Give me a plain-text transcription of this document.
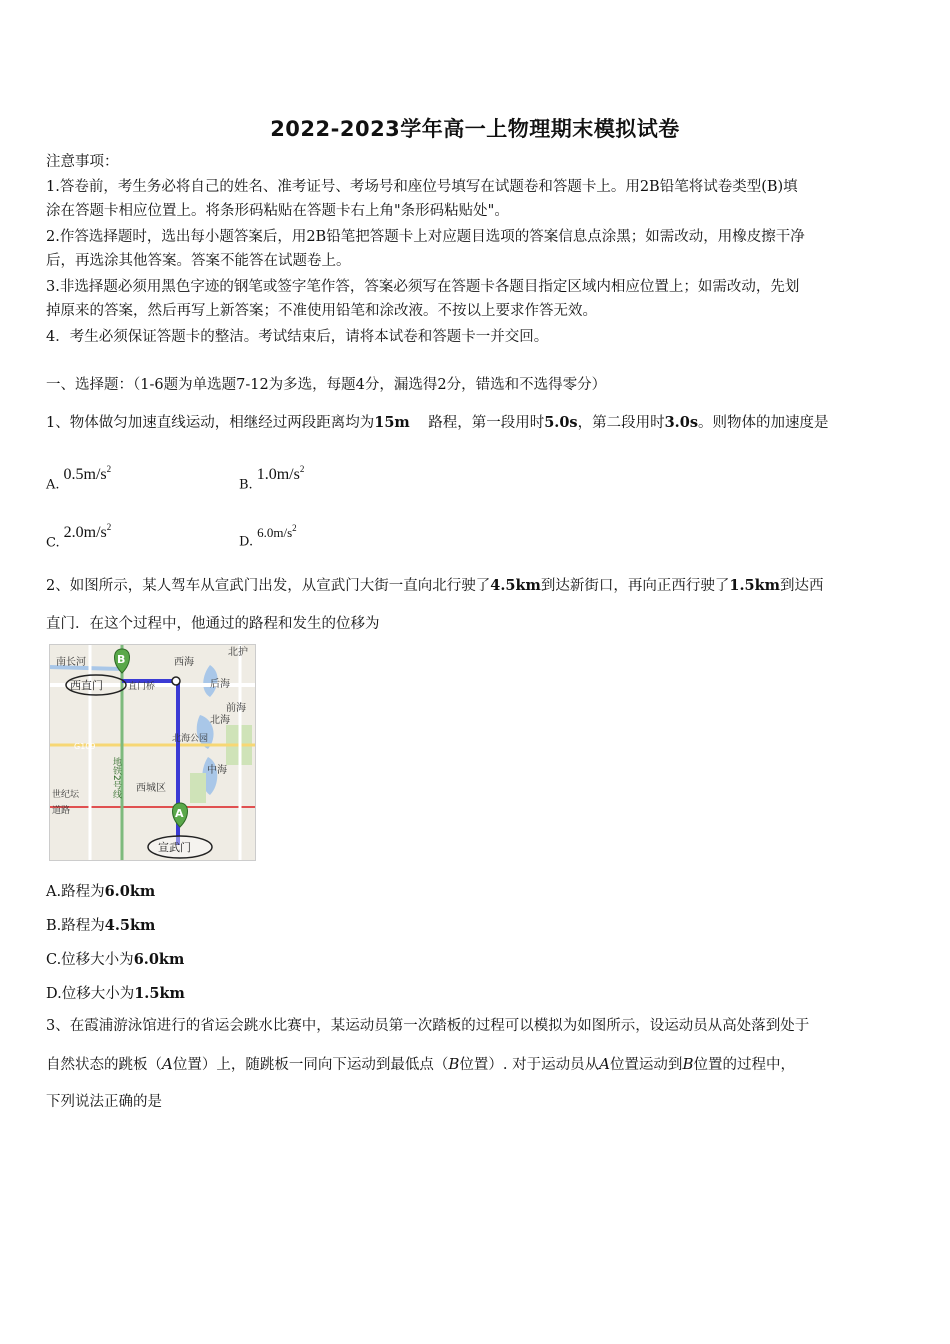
2022-2023学年高一上物理期末模拟试卷
注意事项：
1.答卷前，考生务必将自己的姓名、准考证号、考场号和座位号填写在试题卷和答题卡上。用2B铅笔将试卷类型(B)填
涂在答题卡相应位置上。将条形码粘贴在答题卡右上角"条形码粘贴处"。
2.作答选择题时，选出每小题答案后，用2B铅笔把答题卡上对应题目选项的答案信息点涂黑；如需改动，用橡皮擦干净
后，再选涂其他答案。答案不能答在试题卷上。
3.非选择题必须用黑色字迹的钢笔或签字笔作答，答案必须写在答题卡各题目指定区域内相应位置上；如需改动，先划
掉原来的答案，然后再写上新答案；不准使用铅笔和涂改液。不按以上要求作答无效。
4．考生必须保证答题卡的整洁。考试结束后，请将本试卷和答题卡一并交回。
一、选择题：（1-6题为单选题7-12为多选，每题4分，漏选得2分，错选和不选得零分）
1、物体做匀加速直线运动，相继经过两段距离均为15m 路程，第一段用时5.0s，第二段用时3.0s。则物体的加速度是
$A.0.5m/s^2$
$B.1.0m/s^2$
$C.2.0m/s^2$
$D.6.0m/s^2$
2、如图所示，某人驾车从宣武门出发，从宣武门大街一直向北行驶了4.5km到达新街口，再向正西行驶了1.5km到达西
直门．在这个过程中，他通过的路程和发生的位移为
B
A
南长河
西直门	直门桥
西海
北护
后海
前海
北海
北海公园
G109
中海
西城区
世纪坛
道路
宣武门
地铁2号线
A.路程为6.0km
B.路程为4.5km
C.位移大小为6.0km
D.位移大小为1.5km
3、在霞浦游泳馆进行的省运会跳水比赛中，某运动员第一次踏板的过程可以模拟为如图所示，设运动员从高处落到处于
自然状态的跳板（A位置）上，随跳板一同向下运动到最低点（B位置）. 对于运动员从A位置运动到B位置的过程中，
下列说法正确的是
